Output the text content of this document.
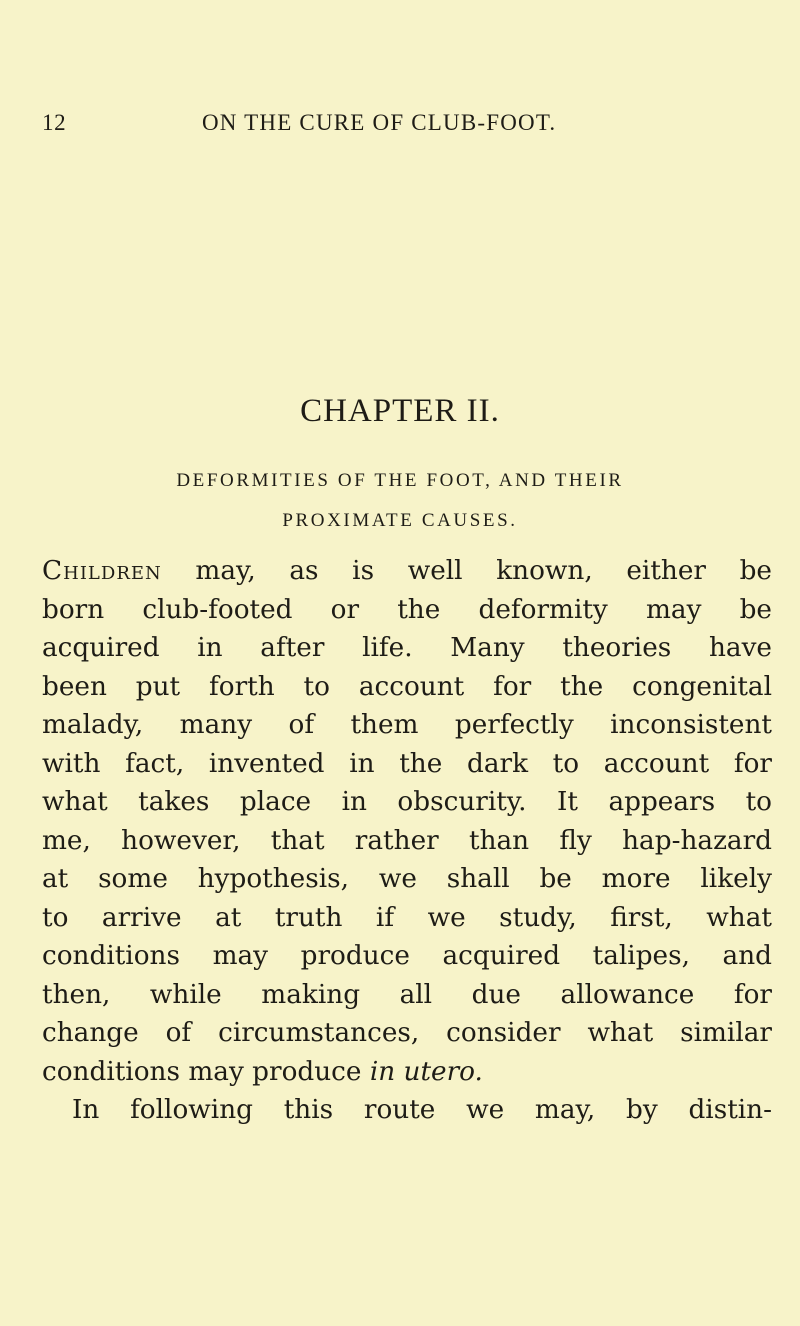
12	ON THE CURE OF CLUB-FOOT.
CHAPTER II.
DEFORMITIES OF THE FOOT, AND THEIR
PROXIMATE CAUSES.
Children may, as is well known, either be
born club-footed or the deformity may be
acquired in after life. Many theories have
been put forth to account for the congenital
malady, many of them perfectly inconsistent
with fact, invented in the dark to account for
what takes place in obscurity. It appears to
me, however, that rather than fly hap-hazard
at some hypothesis, we shall be more likely
to arrive at truth if we study, first, what
conditions may produce acquired talipes, and
then, while making all due allowance for
change of circumstances, consider what similar
conditions may produce in utero.
In following this route we may, by distin-
